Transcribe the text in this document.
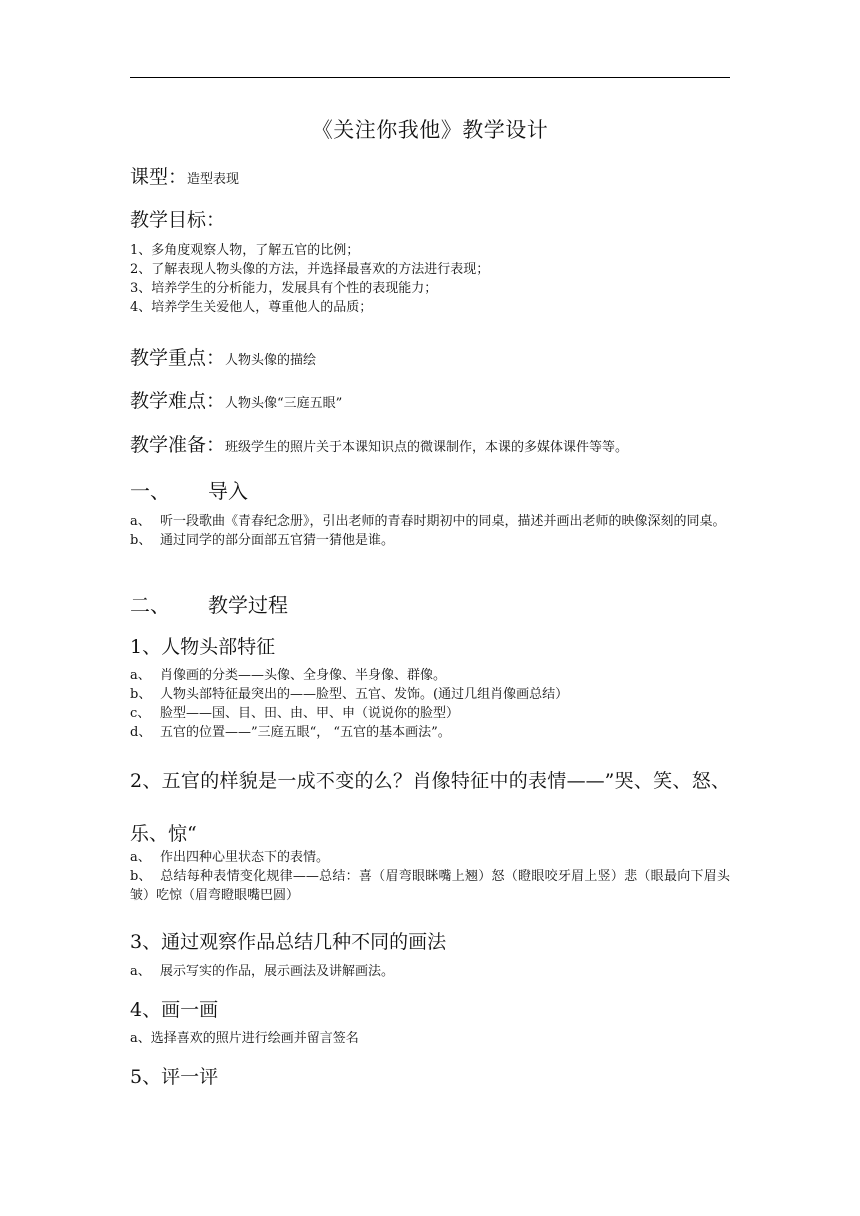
《关注你我他》教学设计
课型：造型表现
教学目标：
1、多角度观察人物，了解五官的比例；
2、了解表现人物头像的方法，并选择最喜欢的方法进行表现；
3、培养学生的分析能力，发展具有个性的表现能力；
4、培养学生关爱他人，尊重他人的品质；
教学重点：人物头像的描绘
教学难点：人物头像“三庭五眼”
教学准备：班级学生的照片关于本课知识点的微课制作，本课的多媒体课件等等。
一、 导入
a、 听一段歌曲《青春纪念册》，引出老师的青春时期初中的同桌，描述并画出老师的映像深刻的同桌。
b、 通过同学的部分面部五官猜一猜他是谁。
二、 教学过程
1、人物头部特征
a、 肖像画的分类——头像、全身像、半身像、群像。
b、 人物头部特征最突出的——脸型、五官、发饰。(通过几组肖像画总结）
c、 脸型——国、目、田、由、甲、申（说说你的脸型）
d、 五官的位置——”三庭五眼“， “五官的基本画法”。
2、五官的样貌是一成不变的么？肖像特征中的表情——”哭、笑、怒、乐、惊“
a、 作出四种心里状态下的表情。
b、 总结每种表情变化规律——总结：喜（眉弯眼眯嘴上翘）怒（瞪眼咬牙眉上竖）悲（眼最向下眉头皱）吃惊（眉弯瞪眼嘴巴圆）
3、通过观察作品总结几种不同的画法
a、 展示写实的作品，展示画法及讲解画法。
4、画一画
a、选择喜欢的照片进行绘画并留言签名
5、评一评
